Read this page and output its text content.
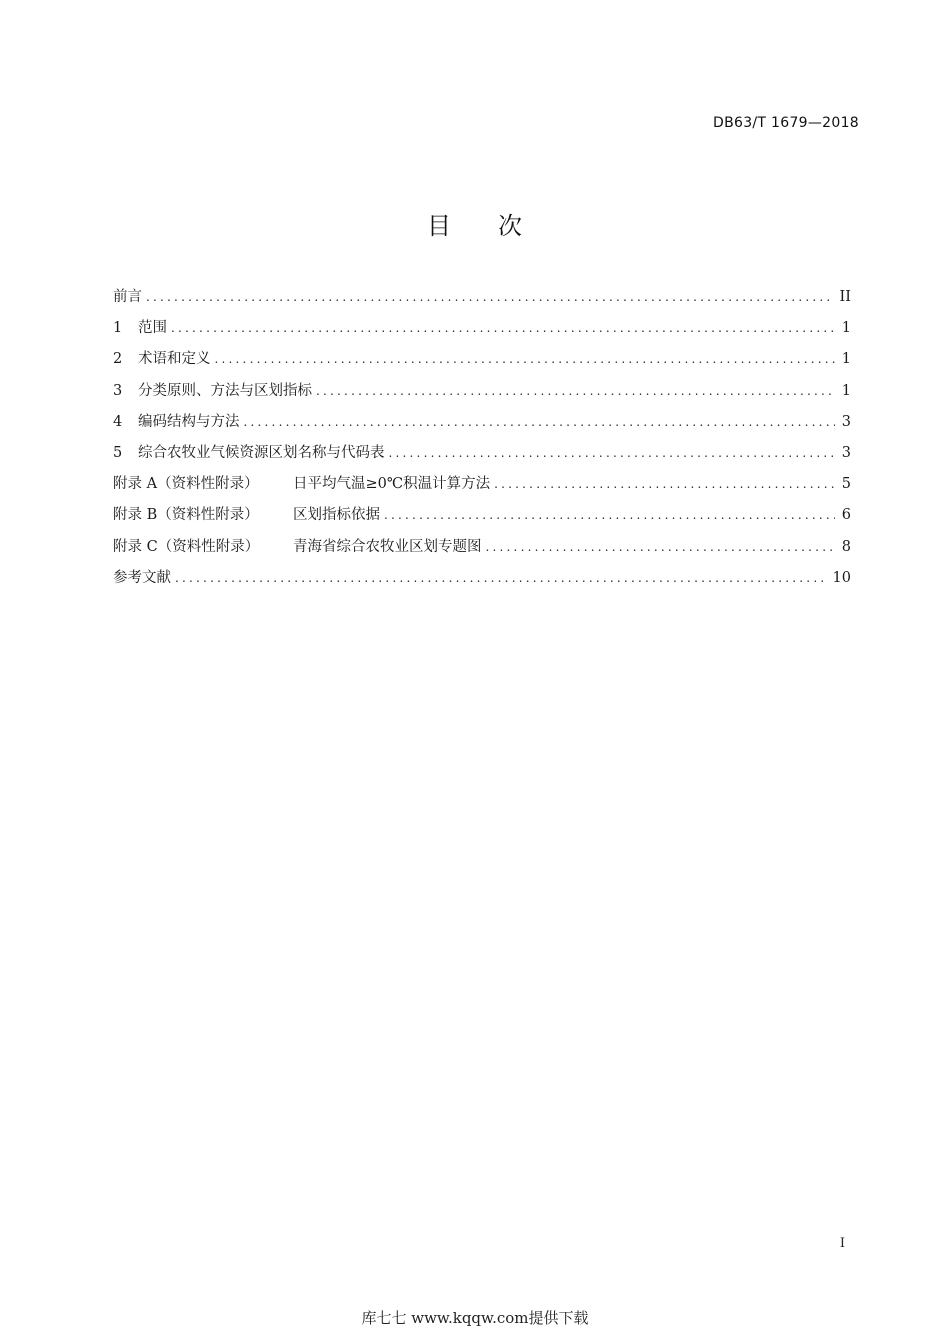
DB63/T 1679—2018
目 次
前言 .....	II
1	范围 .....	1
2	术语和定义 .....	1
3	分类原则、方法与区划指标 .....	1
4	编码结构与方法 .....	3
5	综合农牧业气候资源区划名称与代码表 .....	3
附录 A（资料性附录）	日平均气温≥0℃积温计算方法 .....	5
附录 B（资料性附录）	区划指标依据 .....	6
附录 C（资料性附录）	青海省综合农牧业区划专题图 .....	8
参考文献 .....	10
I
库七七 www.kqqw.com提供下载
